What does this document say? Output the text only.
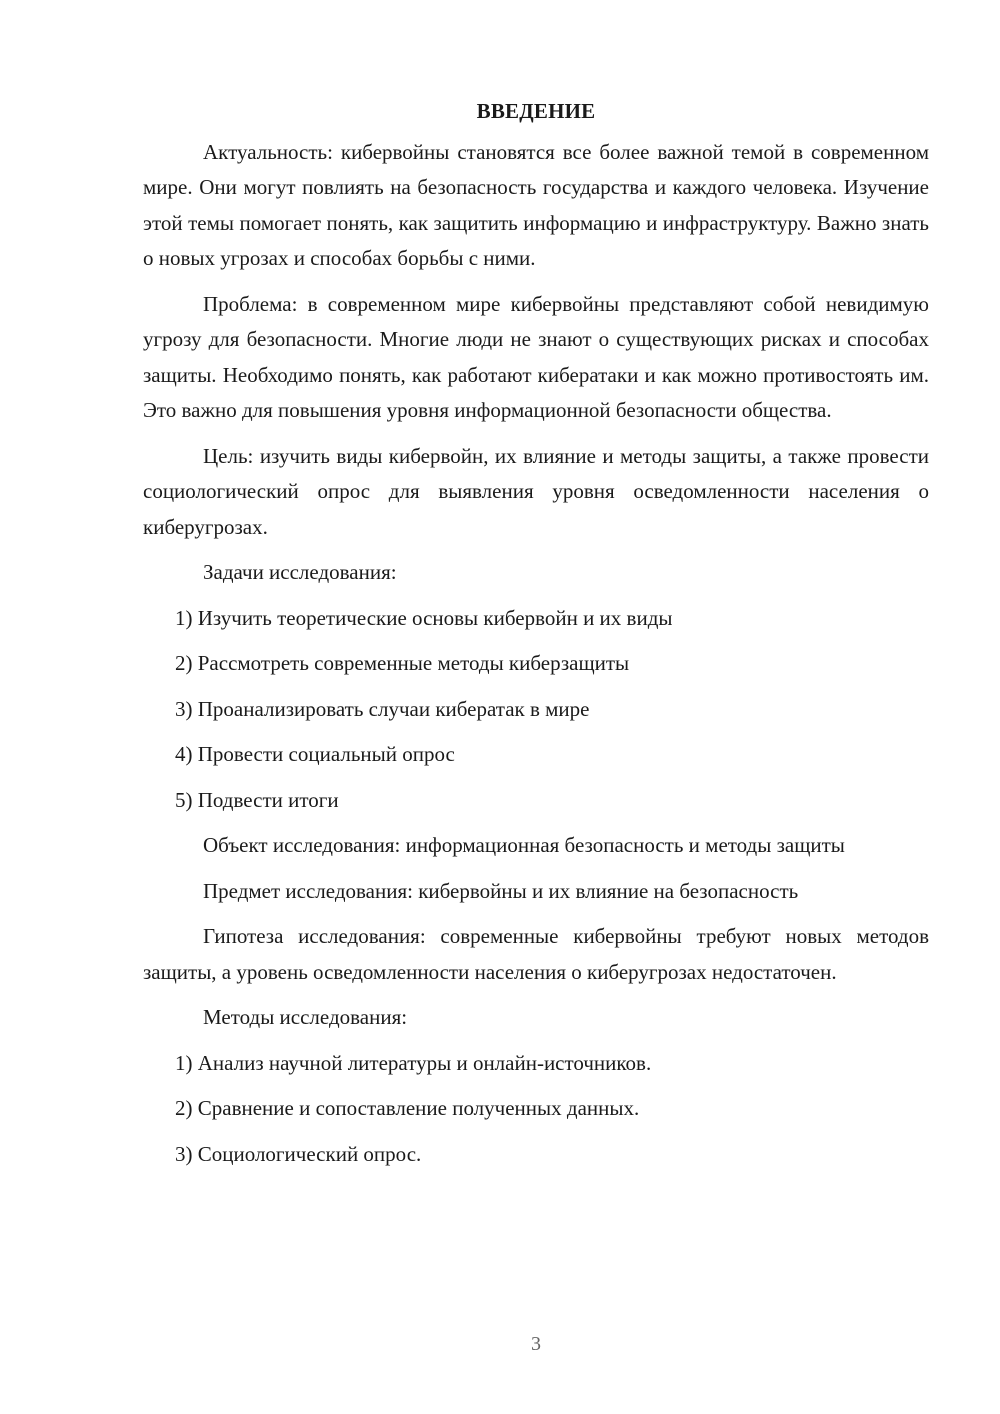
ВВЕДЕНИЕ

Актуальность: кибервойны становятся все более важной темой в современном мире. Они могут повлиять на безопасность государства и каждого человека. Изучение этой темы помогает понять, как защитить информацию и инфраструктуру. Важно знать о новых угрозах и способах борьбы с ними.

Проблема: в современном мире кибервойны представляют собой невидимую угрозу для безопасности. Многие люди не знают о существующих рисках и способах защиты. Необходимо понять, как работают кибератаки и как можно противостоять им. Это важно для повышения уровня информационной безопасности общества.

Цель: изучить виды кибервойн, их влияние и методы защиты, а также провести социологический опрос для выявления уровня осведомленности населения о киберугрозах.

Задачи исследования:

1) Изучить теоретические основы кибервойн и их виды

2) Рассмотреть современные методы киберзащиты

3) Проанализировать случаи кибератак в мире

4) Провести социальный опрос

5) Подвести итоги

Объект исследования: информационная безопасность и методы защиты

Предмет исследования: кибервойны и их влияние на безопасность

Гипотеза исследования: современные кибервойны требуют новых методов защиты, а уровень осведомленности населения о киберугрозах недостаточен.

Методы исследования:

1) Анализ научной литературы и онлайн-источников.

2) Сравнение и сопоставление полученных данных.

3) Социологический опрос.

3
